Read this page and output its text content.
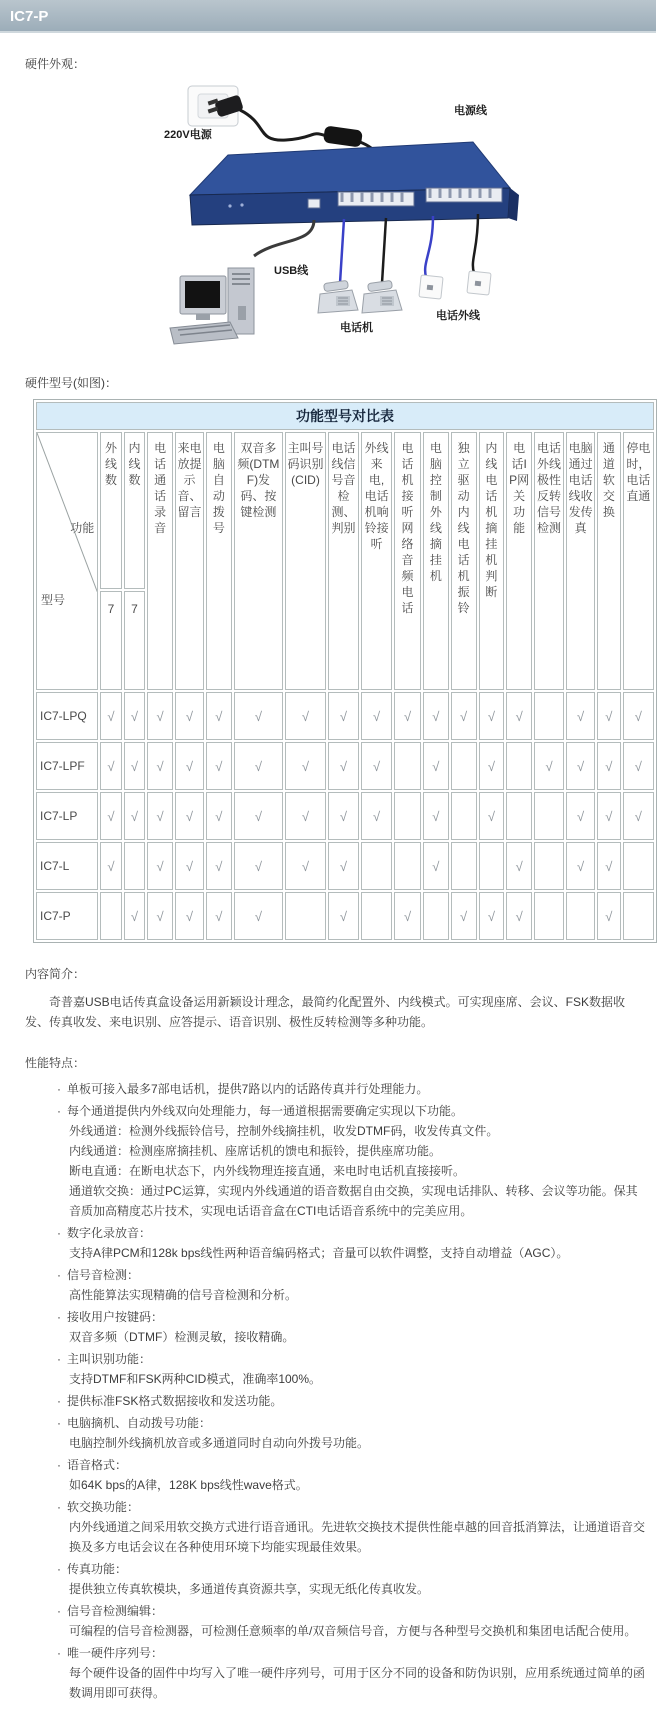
IC7-P
硬件外观：
220V电源
电源线
USB线
电话机
电话外线
硬件型号(如图)：
功能型号对比表																		

功能
型号	外线数	内线数	电话通话录音	来电放提示音、留言	电脑自动拨号	双音多频(DTMF)发码、按键检测	主叫号码识别(CID)	电话线信号音检测、判别	外线来电,电话机响铃接听	电话机接听网络音频电话	电脑控制外线摘挂机	独立驱动内线电话机振铃	内线电话机摘挂机判断	电话IP网关功能	电话外线极性反转信号检测	电脑通过电话线收发传真	通道软交换	停电时，电话直通
	7	7																
IC7-LPQ	√	√	√	√	√	√	√	√	√	√	√	√	√	√		√	√	√
IC7-LPF	√	√	√	√	√	√	√	√	√		√		√		√	√	√	√
IC7-LP	√	√	√	√	√	√	√	√	√		√		√			√	√	√
IC7-L	√		√	√	√	√	√	√			√			√		√	√	
IC7-P		√	√	√	√	√		√		√		√	√	√			√	
内容简介：
奇普嘉USB电话传真盒设备运用新颖设计理念，最简约化配置外、内线模式。可实现座席、会议、FSK数据收发、传真收发、来电识别、应答提示、语音识别、极性反转检测等多种功能。
性能特点：
· 单板可接入最多7部电话机，提供7路以内的话路传真并行处理能力。
· 每个通道提供内外线双向处理能力，每一通道根据需要确定实现以下功能。
外线通道：检测外线振铃信号，控制外线摘挂机，收发DTMF码，收发传真文件。
内线通道：检测座席摘挂机、座席话机的馈电和振铃，提供座席功能。
断电直通：在断电状态下，内外线物理连接直通，来电时电话机直接接听。
通道软交换：通过PC运算，实现内外线通道的语音数据自由交换，实现电话排队、转移、会议等功能。保其音质加高精度芯片技术，实现电话语音盒在CTI电话语音系统中的完美应用。
· 数字化录放音：
支持A律PCM和128k bps线性两种语音编码格式；音量可以软件调整，支持自动增益（AGC）。
· 信号音检测：
高性能算法实现精确的信号音检测和分析。
· 接收用户按键码：
双音多频（DTMF）检测灵敏，接收精确。
· 主叫识别功能：
支持DTMF和FSK两种CID模式，准确率100%。
· 提供标准FSK格式数据接收和发送功能。
· 电脑摘机、自动拨号功能：
电脑控制外线摘机放音或多通道同时自动向外拨号功能。
· 语音格式：
如64K bps的A律，128K bps线性wave格式。
· 软交换功能：
内外线通道之间采用软交换方式进行语音通讯。先进软交换技术提供性能卓越的回音抵消算法，让通道语音交换及多方电话会议在各种使用环境下均能实现最佳效果。
· 传真功能：
提供独立传真软模块，多通道传真资源共享，实现无纸化传真收发。
· 信号音检测编辑：
可编程的信号音检测器，可检测任意频率的单/双音频信号音，方便与各种型号交换机和集团电话配合使用。
· 唯一硬件序列号：
每个硬件设备的固件中均写入了唯一硬件序列号，可用于区分不同的设备和防伪识别，应用系统通过简单的函数调用即可获得。
